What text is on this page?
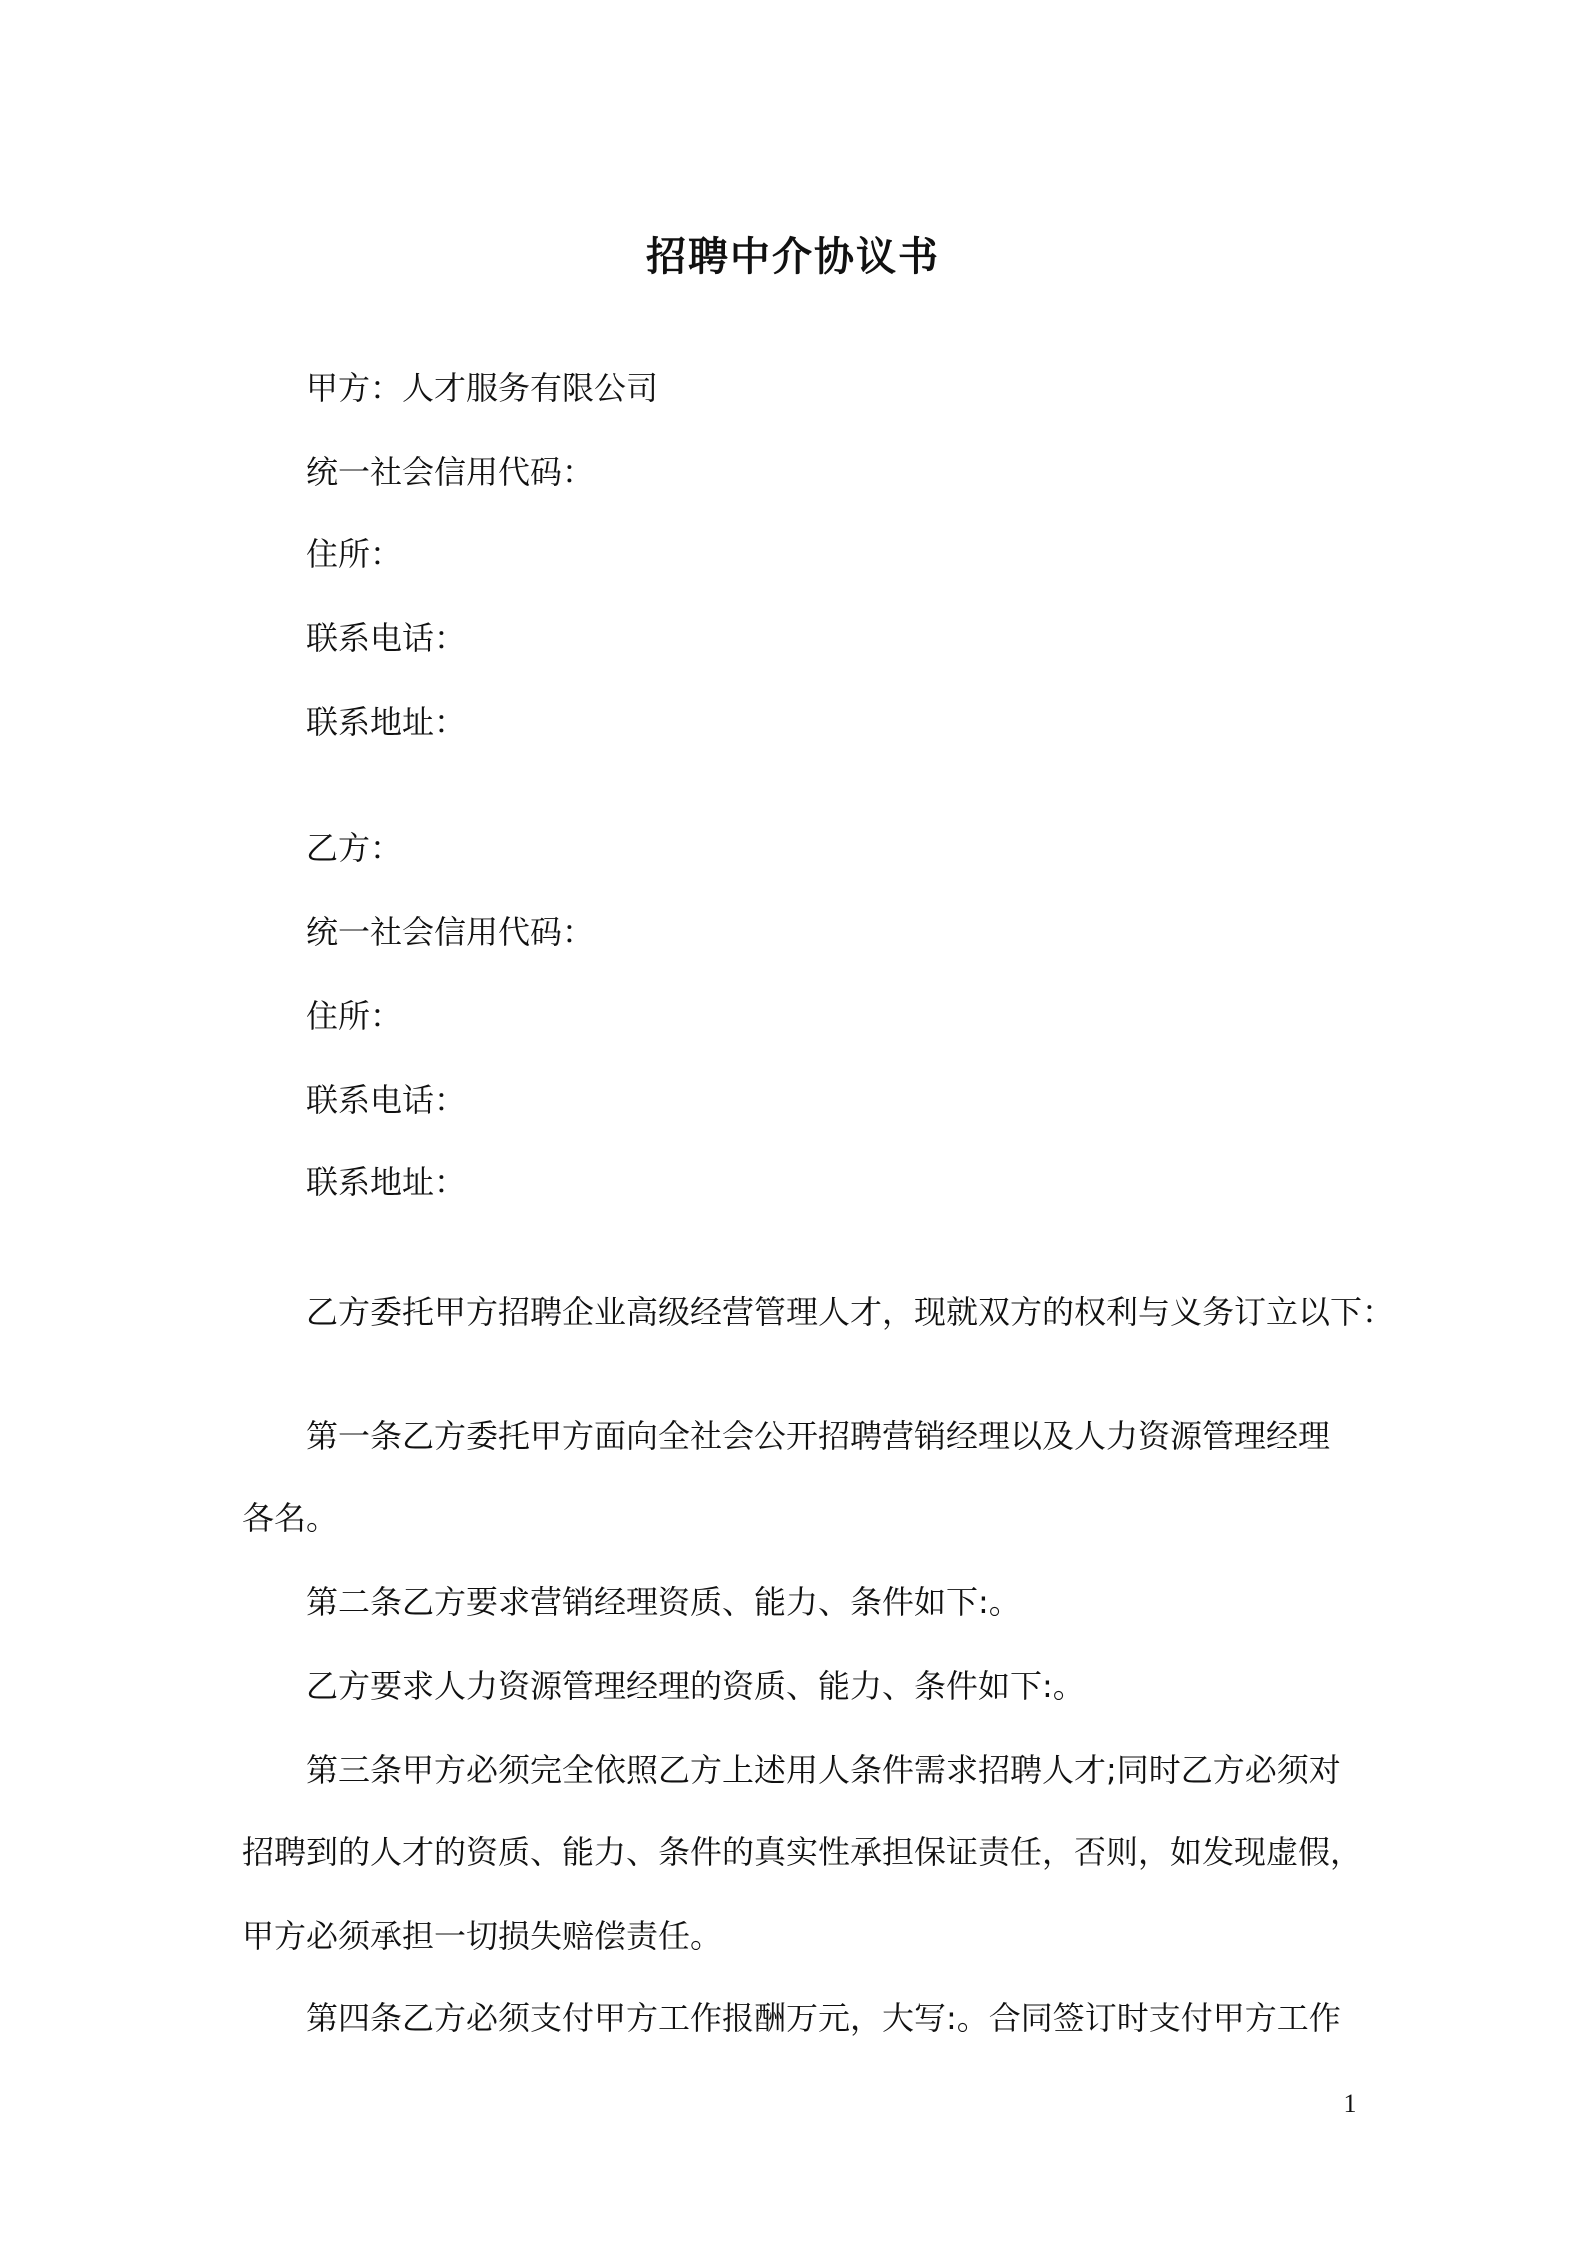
招聘中介协议书

甲方：人才服务有限公司

统一社会信用代码：

住所：

联系电话：

联系地址：

乙方：

统一社会信用代码：

住所：

联系电话：

联系地址：

乙方委托甲方招聘企业高级经营管理人才，现就双方的权利与义务订立以下：

第一条乙方委托甲方面向全社会公开招聘营销经理以及人力资源管理经理

各名。

第二条乙方要求营销经理资质、能力、条件如下:。

乙方要求人力资源管理经理的资质、能力、条件如下:。

第三条甲方必须完全依照乙方上述用人条件需求招聘人才;同时乙方必须对

招聘到的人才的资质、能力、条件的真实性承担保证责任，否则，如发现虚假，

甲方必须承担一切损失赔偿责任。

第四条乙方必须支付甲方工作报酬万元，大写:。合同签订时支付甲方工作

1
